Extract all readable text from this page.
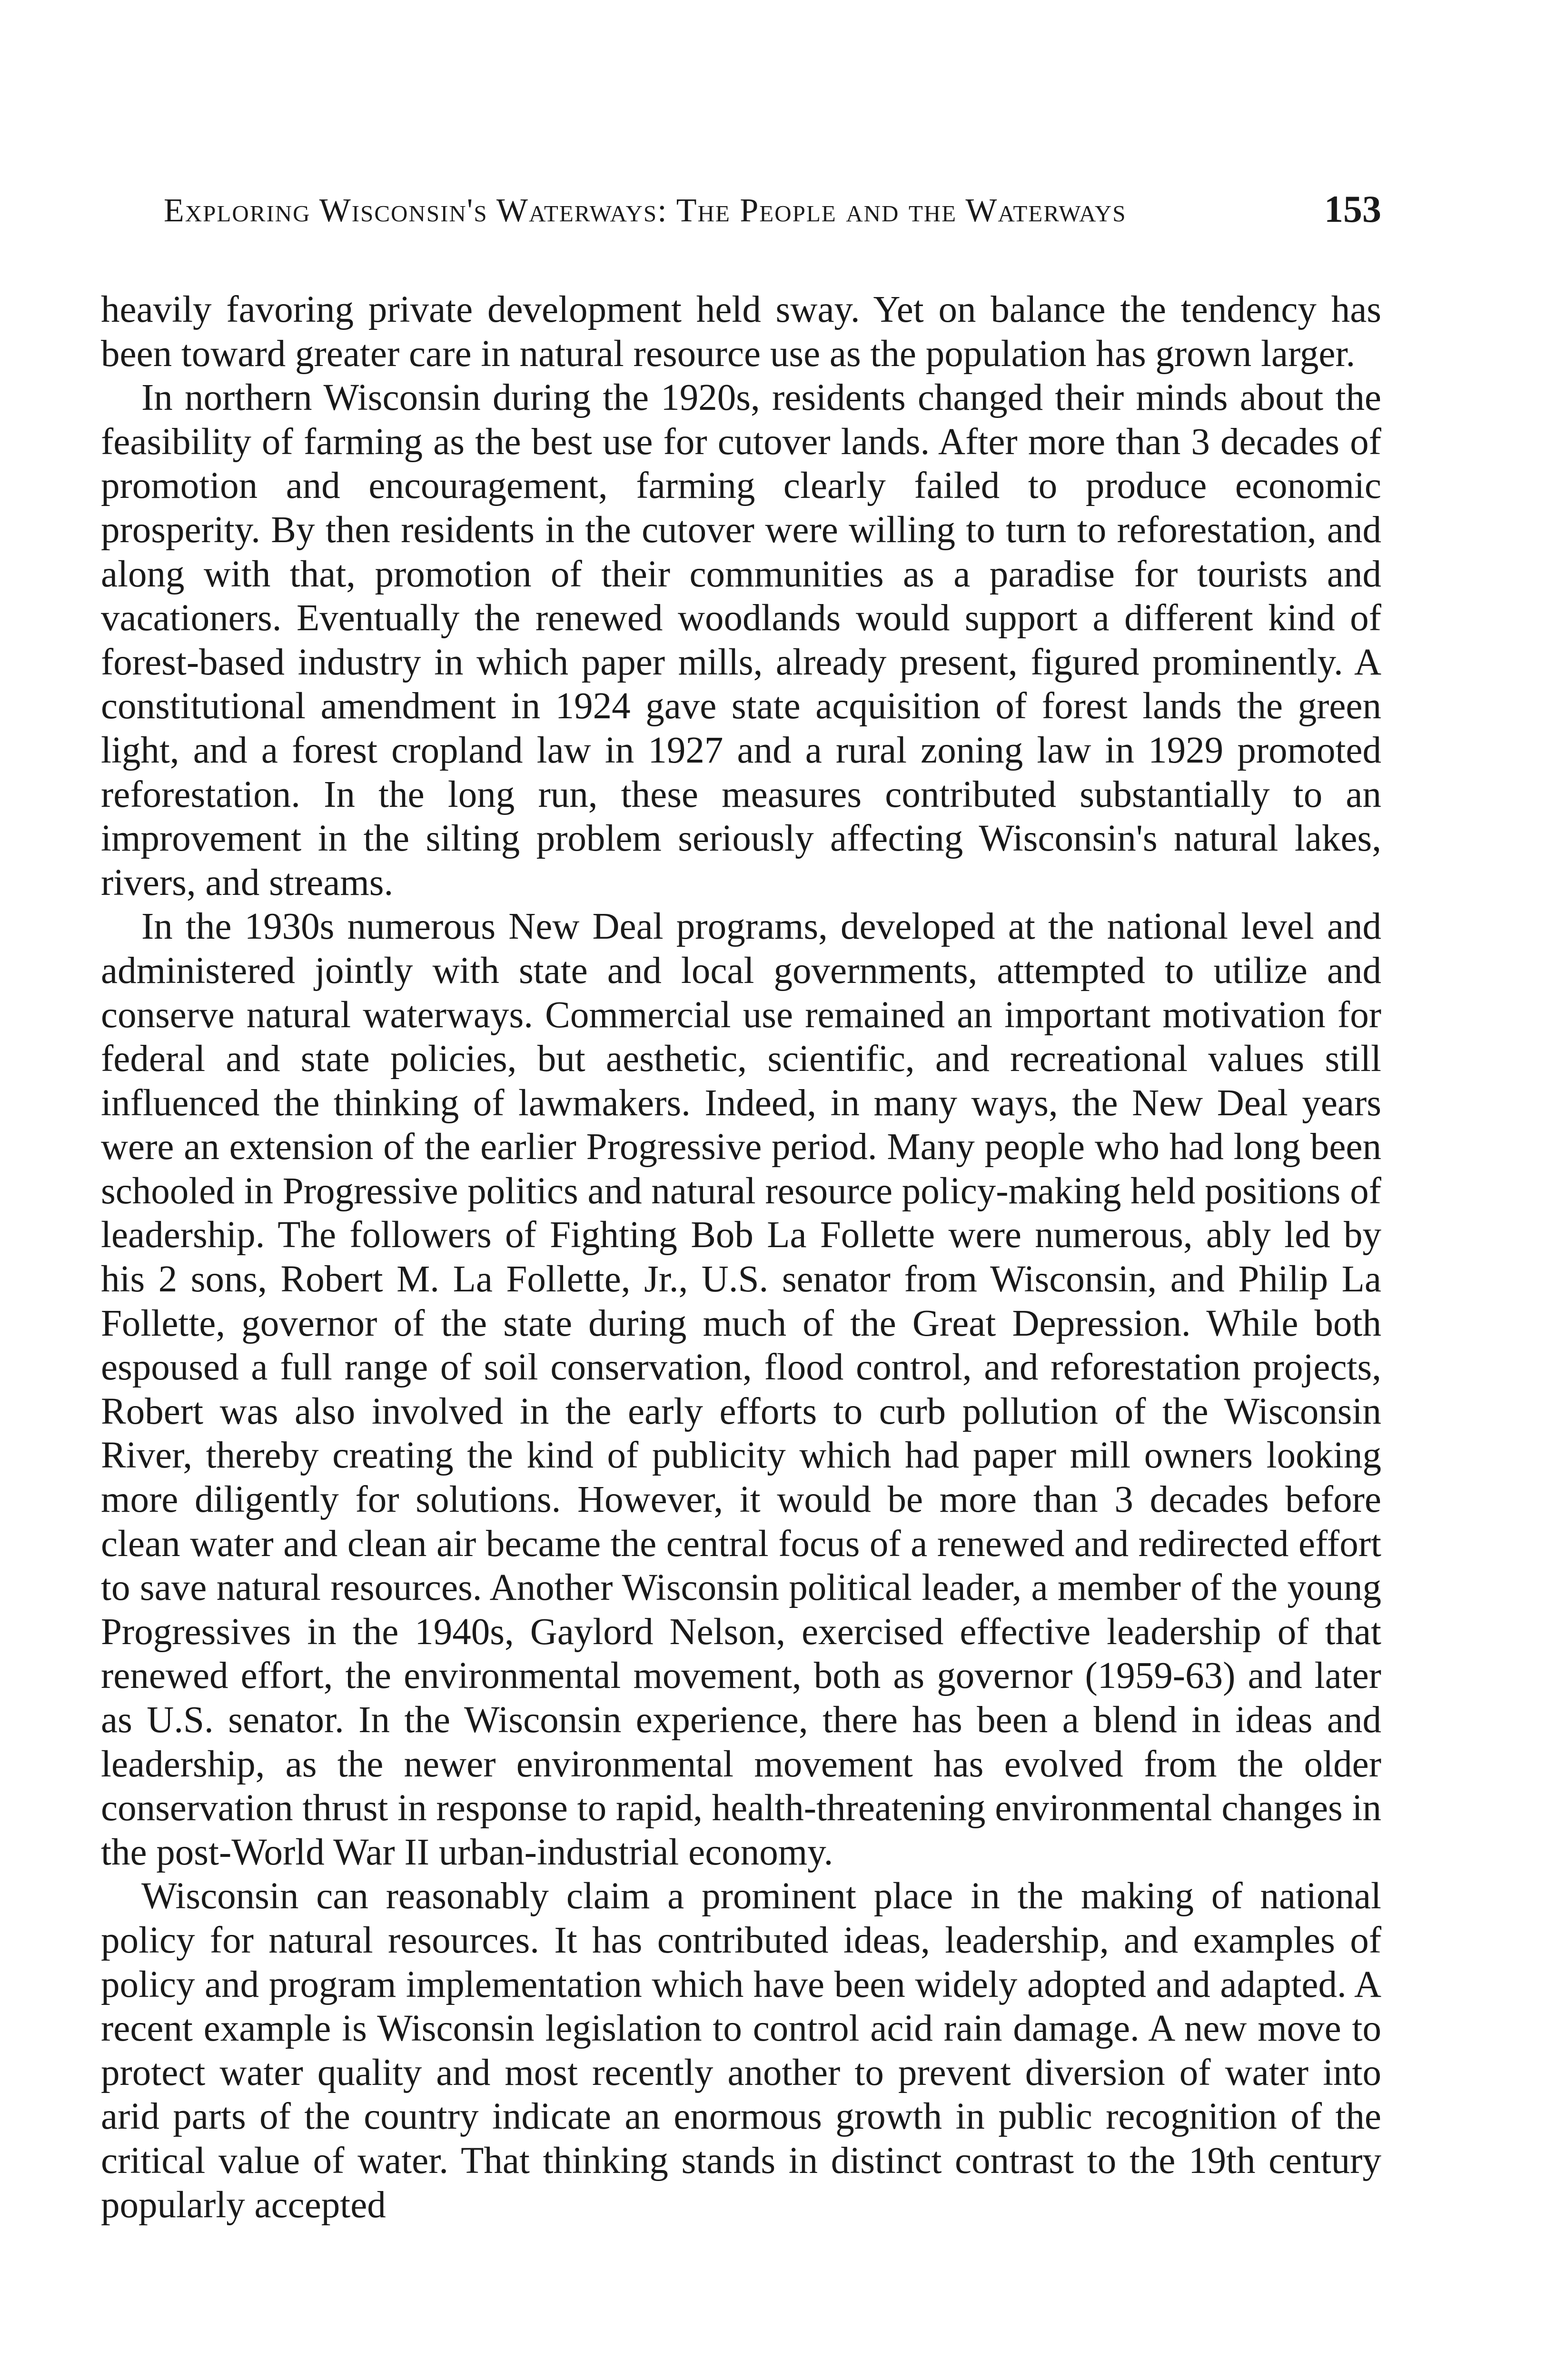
Exploring Wisconsin's Waterways: The People and the Waterways	153

heavily favoring private development held sway. Yet on balance the tendency has been toward greater care in natural resource use as the population has grown larger.

In northern Wisconsin during the 1920s, residents changed their minds about the feasibility of farming as the best use for cutover lands. After more than 3 decades of promotion and encouragement, farming clearly failed to produce economic prosperity. By then residents in the cutover were willing to turn to reforestation, and along with that, promotion of their communities as a paradise for tourists and vacationers. Eventually the renewed woodlands would support a different kind of forest-based industry in which paper mills, already present, figured prominently. A constitutional amendment in 1924 gave state acquisition of forest lands the green light, and a forest cropland law in 1927 and a rural zoning law in 1929 promoted reforestation. In the long run, these measures contributed substantially to an improvement in the silting problem seriously affecting Wisconsin's natural lakes, rivers, and streams.

In the 1930s numerous New Deal programs, developed at the national level and administered jointly with state and local governments, attempted to utilize and conserve natural waterways. Commercial use remained an important motivation for federal and state policies, but aesthetic, scientific, and recreational values still influenced the thinking of lawmakers. Indeed, in many ways, the New Deal years were an extension of the earlier Progressive period. Many people who had long been schooled in Progressive politics and natural resource policy-making held positions of leadership. The followers of Fighting Bob La Follette were numerous, ably led by his 2 sons, Robert M. La Follette, Jr., U.S. senator from Wisconsin, and Philip La Follette, governor of the state during much of the Great Depression. While both espoused a full range of soil conservation, flood control, and reforestation projects, Robert was also involved in the early efforts to curb pollution of the Wisconsin River, thereby creating the kind of publicity which had paper mill owners looking more diligently for solutions. However, it would be more than 3 decades before clean water and clean air became the central focus of a renewed and redirected effort to save natural resources. Another Wisconsin political leader, a member of the young Progressives in the 1940s, Gaylord Nelson, exercised effective leadership of that renewed effort, the environmental movement, both as governor (1959-63) and later as U.S. senator. In the Wisconsin experience, there has been a blend in ideas and leadership, as the newer environmental movement has evolved from the older conservation thrust in response to rapid, health-threatening environmental changes in the post-World War II urban-industrial economy.

Wisconsin can reasonably claim a prominent place in the making of national policy for natural resources. It has contributed ideas, leadership, and examples of policy and program implementation which have been widely adopted and adapted. A recent example is Wisconsin legislation to control acid rain damage. A new move to protect water quality and most recently another to prevent diversion of water into arid parts of the country indicate an enormous growth in public recognition of the critical value of water. That thinking stands in distinct contrast to the 19th century popularly accepted
